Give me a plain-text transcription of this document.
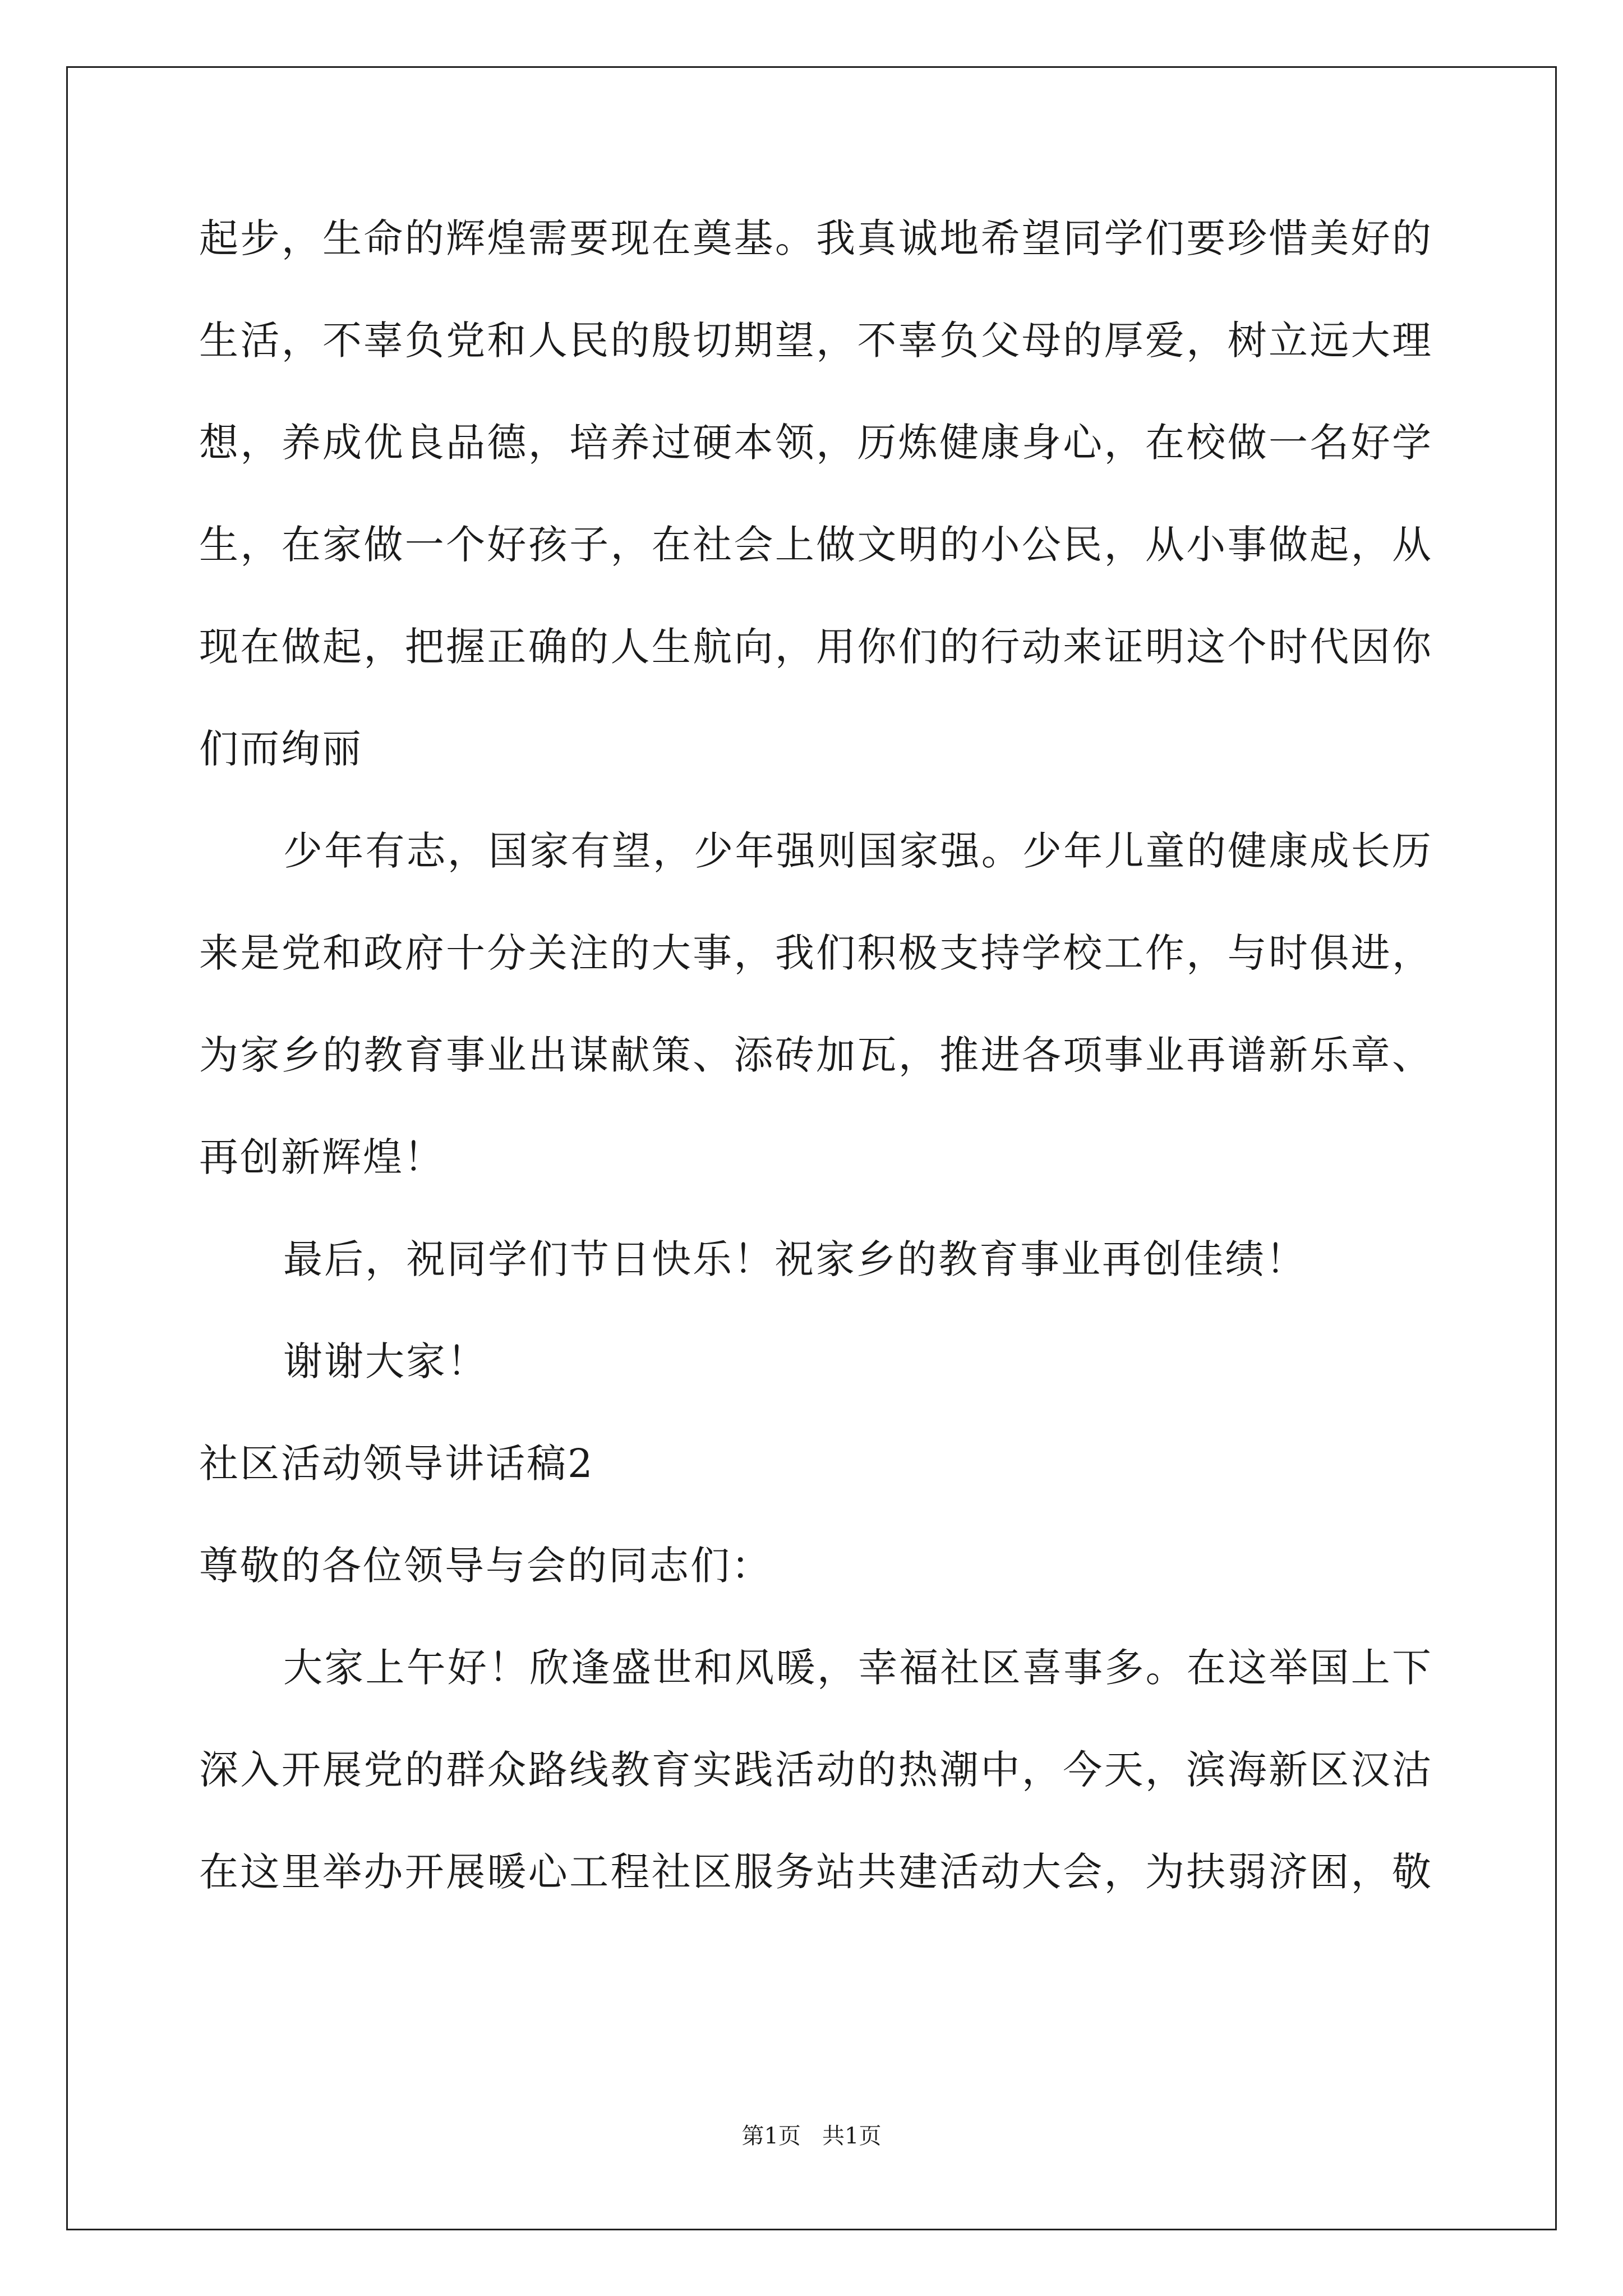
起步，生命的辉煌需要现在奠基。我真诚地希望同学们要珍惜美好的
生活，不辜负党和人民的殷切期望，不辜负父母的厚爱，树立远大理
想，养成优良品德，培养过硬本领，历炼健康身心，在校做一名好学
生，在家做一个好孩子，在社会上做文明的小公民，从小事做起，从
现在做起，把握正确的人生航向，用你们的行动来证明这个时代因你
们而绚丽
少年有志，国家有望，少年强则国家强。少年儿童的健康成长历
来是党和政府十分关注的大事，我们积极支持学校工作，与时俱进，
为家乡的教育事业出谋献策、添砖加瓦，推进各项事业再谱新乐章、
再创新辉煌！
最后，祝同学们节日快乐！祝家乡的教育事业再创佳绩！
谢谢大家！
社区活动领导讲话稿2
尊敬的各位领导与会的同志们：
大家上午好！欣逢盛世和风暖，幸福社区喜事多。在这举国上下
深入开展党的群众路线教育实践活动的热潮中，今天，滨海新区汉沽
在这里举办开展暖心工程社区服务站共建活动大会，为扶弱济困，敬
第1页   共1页
